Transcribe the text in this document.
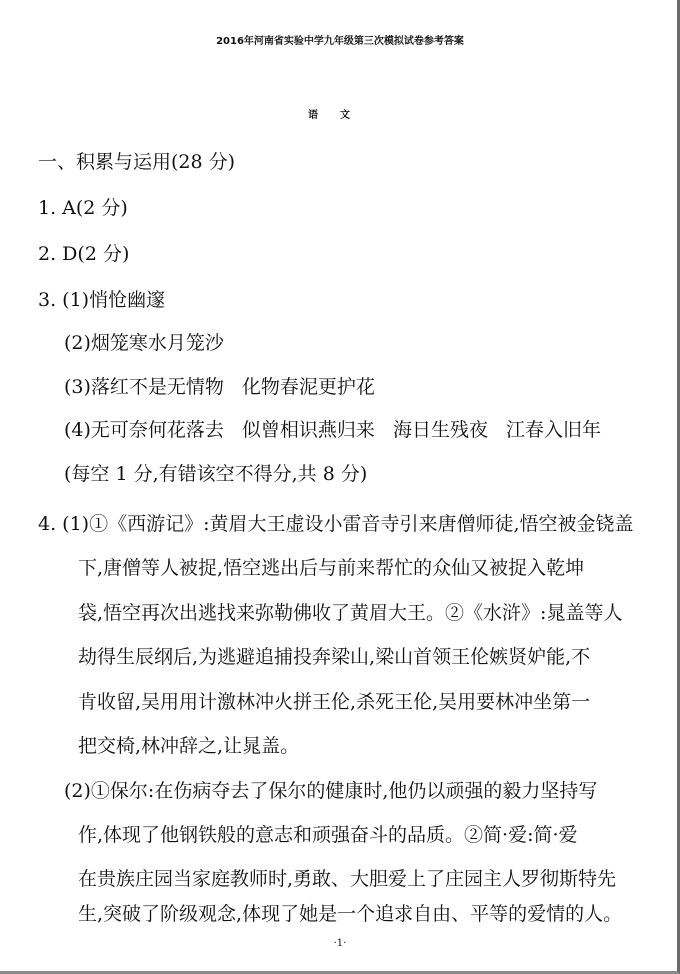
2016年河南省实验中学九年级第三次模拟试卷参考答案
语文
一、积累与运用(28 分)
1. A(2 分)
2. D(2 分)
3. (1)悄怆幽邃
(2)烟笼寒水月笼沙
(3)落红不是无情物 化物春泥更护花
(4)无可奈何花落去 似曾相识燕归来 海日生残夜 江春入旧年
(每空 1 分,有错该空不得分,共 8 分)
4. (1)①《西游记》:黄眉大王虚设小雷音寺引来唐僧师徒,悟空被金铙盖
下,唐僧等人被捉,悟空逃出后与前来帮忙的众仙又被捉入乾坤
袋,悟空再次出逃找来弥勒佛收了黄眉大王。②《水浒》:晁盖等人
劫得生辰纲后,为逃避追捕投奔梁山,梁山首领王伦嫉贤妒能,不
肯收留,吴用用计激林冲火拼王伦,杀死王伦,吴用要林冲坐第一
把交椅,林冲辞之,让晁盖。
(2)①保尔:在伤病夺去了保尔的健康时,他仍以顽强的毅力坚持写
作,体现了他钢铁般的意志和顽强奋斗的品质。②简·爱:简·爱
在贵族庄园当家庭教师时,勇敢、大胆爱上了庄园主人罗彻斯特先
生,突破了阶级观念,体现了她是一个追求自由、平等的爱情的人。
·1·
